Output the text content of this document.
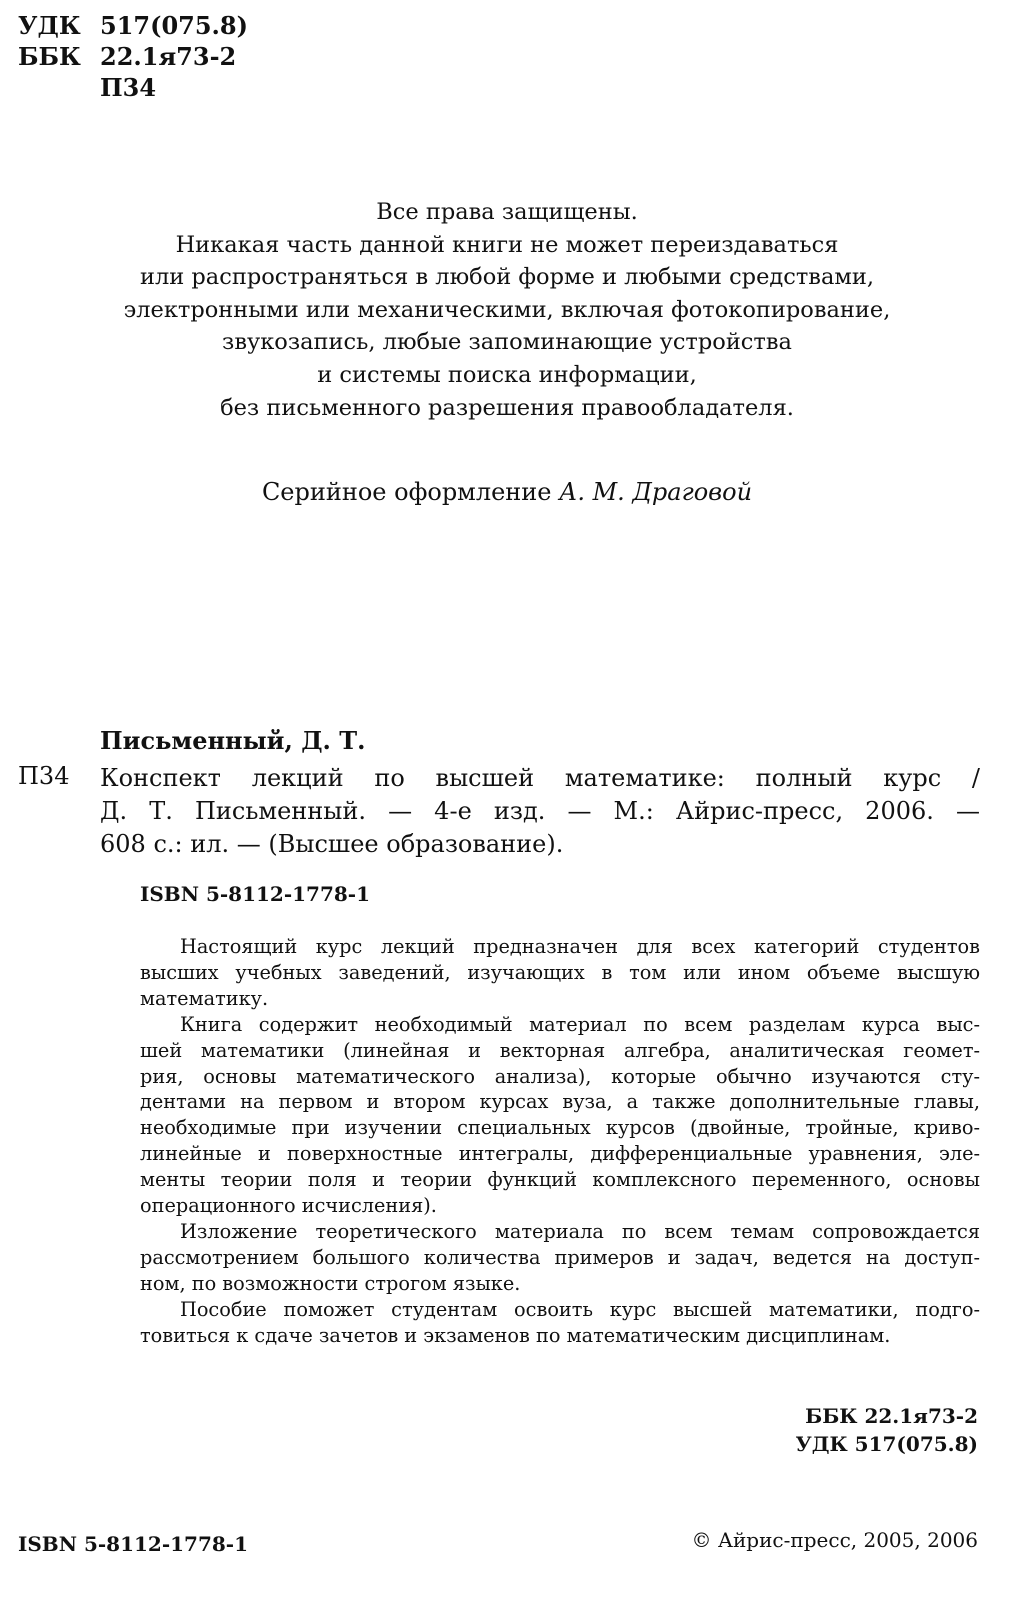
УДК 517(075.8)
ББК 22.1я73-2
П34
Все права защищены.
Никакая часть данной книги не может переиздаваться
или распространяться в любой форме и любыми средствами,
электронными или механическими, включая фотокопирование,
звукозапись, любые запоминающие устройства
и системы поиска информации,
без письменного разрешения правообладателя.
Серийное оформление А. М. Драговой
Письменный, Д. Т.
П34 Конспект лекций по высшей математике: полный курс /
Д. Т. Письменный. — 4-е изд. — М.: Айрис-пресс, 2006. —
608 с.: ил. — (Высшее образование).
ISBN 5-8112-1778-1
Настоящий курс лекций предназначен для всех категорий студентов
высших учебных заведений, изучающих в том или ином объеме высшую
математику.
Книга содержит необходимый материал по всем разделам курса выс-
шей математики (линейная и векторная алгебра, аналитическая геомет-
рия, основы математического анализа), которые обычно изучаются сту-
дентами на первом и втором курсах вуза, а также дополнительные главы,
необходимые при изучении специальных курсов (двойные, тройные, криво-
линейные и поверхностные интегралы, дифференциальные уравнения, эле-
менты теории поля и теории функций комплексного переменного, основы
операционного исчисления).
Изложение теоретического материала по всем темам сопровождается
рассмотрением большого количества примеров и задач, ведется на доступ-
ном, по возможности строгом языке.
Пособие поможет студентам освоить курс высшей математики, подго-
товиться к сдаче зачетов и экзаменов по математическим дисциплинам.
ББК 22.1я73-2
УДК 517(075.8)
ISBN 5-8112-1778-1	© Айрис-пресс, 2005, 2006
